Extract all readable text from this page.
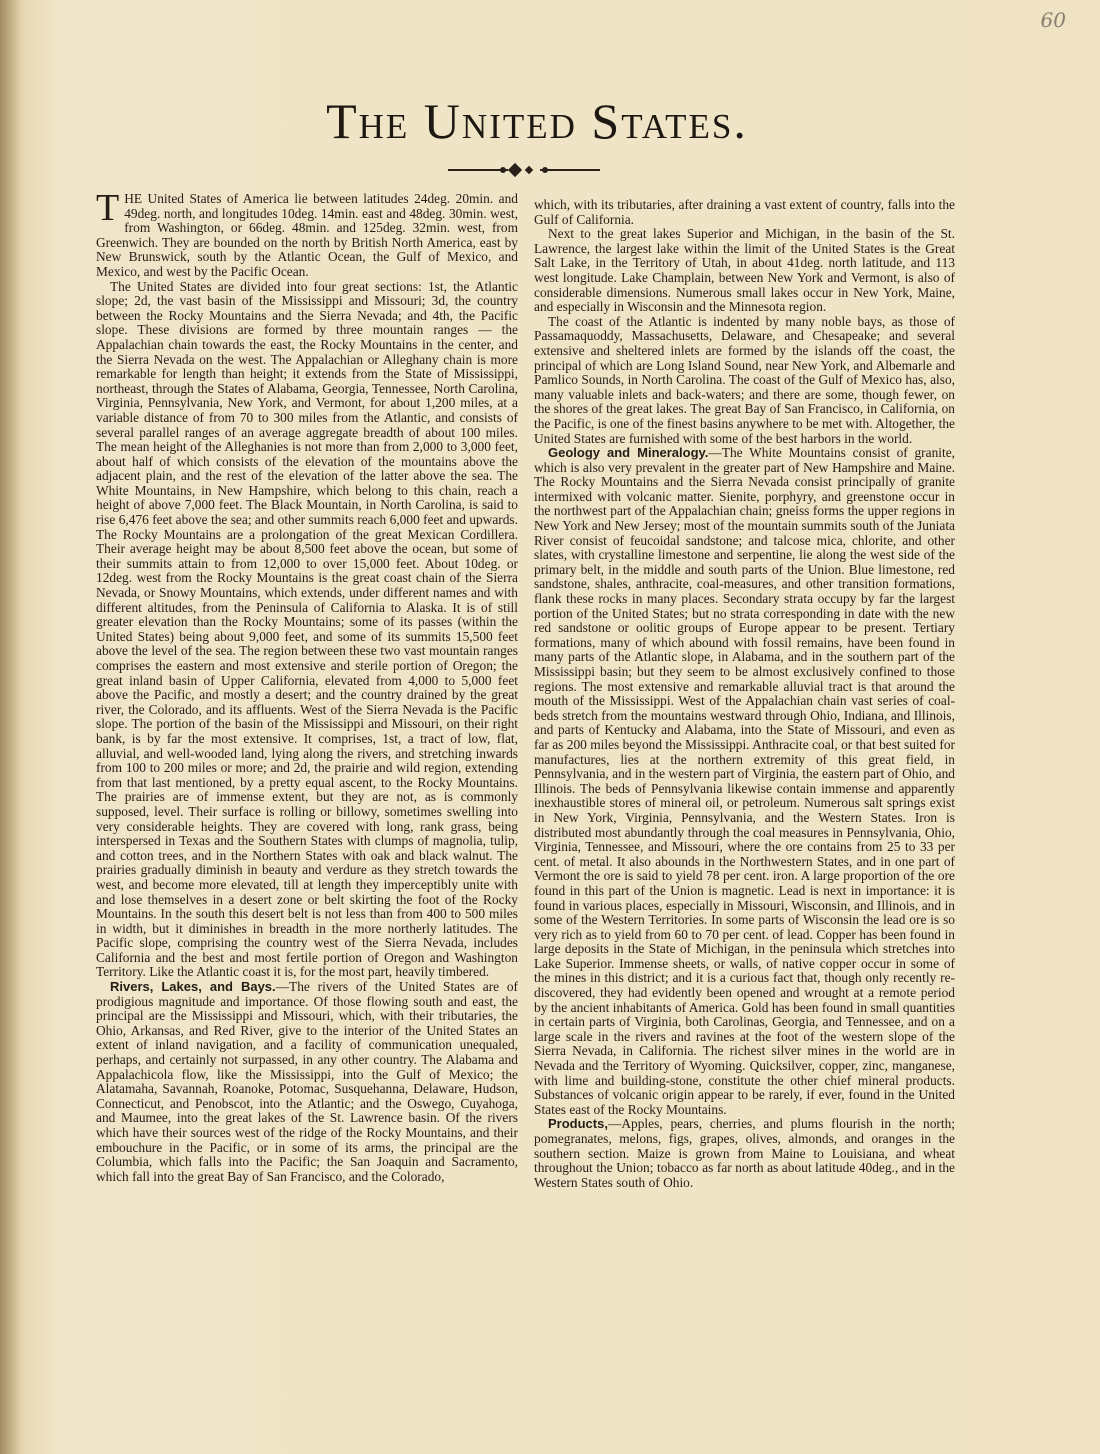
60
The United States.

THE United States of America lie between latitudes 24deg. 20min. and 49deg. north, and longitudes 10deg. 14min. east and 48deg. 30min. west, from Washington, or 66deg. 48min. and 125deg. 32min. west, from Greenwich. They are bounded on the north by British North America, east by New Brunswick, south by the Atlantic Ocean, the Gulf of Mexico, and Mexico, and west by the Pacific Ocean.

The United States are divided into four great sections: 1st, the Atlantic slope; 2d, the vast basin of the Mississippi and Missouri; 3d, the country between the Rocky Mountains and the Sierra Nevada; and 4th, the Pacific slope. These divisions are formed by three mountain ranges — the Appalachian chain towards the east, the Rocky Mountains in the center, and the Sierra Nevada on the west. The Appalachian or Alleghany chain is more remarkable for length than height; it extends from the State of Mississippi, northeast, through the States of Alabama, Georgia, Tennessee, North Carolina, Virginia, Pennsylvania, New York, and Vermont, for about 1,200 miles, at a variable distance of from 70 to 300 miles from the Atlantic, and consists of several parallel ranges of an average aggregate breadth of about 100 miles. The mean height of the Alleghanies is not more than from 2,000 to 3,000 feet, about half of which consists of the elevation of the mountains above the adjacent plain, and the rest of the elevation of the latter above the sea. The White Mountains, in New Hampshire, which belong to this chain, reach a height of above 7,000 feet. The Black Mountain, in North Carolina, is said to rise 6,476 feet above the sea; and other summits reach 6,000 feet and upwards. The Rocky Mountains are a prolongation of the great Mexican Cordillera. Their average height may be about 8,500 feet above the ocean, but some of their summits attain to from 12,000 to over 15,000 feet. About 10deg. or 12deg. west from the Rocky Mountains is the great coast chain of the Sierra Nevada, or Snowy Mountains, which extends, under different names and with different altitudes, from the Peninsula of California to Alaska. It is of still greater elevation than the Rocky Mountains; some of its passes (within the United States) being about 9,000 feet, and some of its summits 15,500 feet above the level of the sea. The region between these two vast mountain ranges comprises the eastern and most extensive and sterile portion of Oregon; the great inland basin of Upper California, elevated from 4,000 to 5,000 feet above the Pacific, and mostly a desert; and the country drained by the great river, the Colorado, and its affluents. West of the Sierra Nevada is the Pacific slope. The portion of the basin of the Mississippi and Missouri, on their right bank, is by far the most extensive. It comprises, 1st, a tract of low, flat, alluvial, and well-wooded land, lying along the rivers, and stretching inwards from 100 to 200 miles or more; and 2d, the prairie and wild region, extending from that last mentioned, by a pretty equal ascent, to the Rocky Mountains. The prairies are of immense extent, but they are not, as is commonly supposed, level. Their surface is rolling or billowy, sometimes swelling into very considerable heights. They are covered with long, rank grass, being interspersed in Texas and the Southern States with clumps of magnolia, tulip, and cotton trees, and in the Northern States with oak and black walnut. The prairies gradually diminish in beauty and verdure as they stretch towards the west, and become more elevated, till at length they imperceptibly unite with and lose themselves in a desert zone or belt skirting the foot of the Rocky Mountains. In the south this desert belt is not less than from 400 to 500 miles in width, but it diminishes in breadth in the more northerly latitudes. The Pacific slope, comprising the country west of the Sierra Nevada, includes California and the best and most fertile portion of Oregon and Washington Territory. Like the Atlantic coast it is, for the most part, heavily timbered.

Rivers, Lakes, and Bays.—The rivers of the United States are of prodigious magnitude and importance. Of those flowing south and east, the principal are the Mississippi and Missouri, which, with their tributaries, the Ohio, Arkansas, and Red River, give to the interior of the United States an extent of inland navigation, and a facility of communication unequaled, perhaps, and certainly not surpassed, in any other country. The Alabama and Appalachicola flow, like the Mississippi, into the Gulf of Mexico; the Alatamaha, Savannah, Roanoke, Potomac, Susquehanna, Delaware, Hudson, Connecticut, and Penobscot, into the Atlantic; and the Oswego, Cuyahoga, and Maumee, into the great lakes of the St. Lawrence basin. Of the rivers which have their sources west of the ridge of the Rocky Mountains, and their embouchure in the Pacific, or in some of its arms, the principal are the Columbia, which falls into the Pacific; the San Joaquin and Sacramento, which fall into the great Bay of San Francisco, and the Colorado,

which, with its tributaries, after draining a vast extent of country, falls into the Gulf of California.

Next to the great lakes Superior and Michigan, in the basin of the St. Lawrence, the largest lake within the limit of the United States is the Great Salt Lake, in the Territory of Utah, in about 41deg. north latitude, and 113 west longitude. Lake Champlain, between New York and Vermont, is also of considerable dimensions. Numerous small lakes occur in New York, Maine, and especially in Wisconsin and the Minnesota region.

The coast of the Atlantic is indented by many noble bays, as those of Passamaquoddy, Massachusetts, Delaware, and Chesapeake; and several extensive and sheltered inlets are formed by the islands off the coast, the principal of which are Long Island Sound, near New York, and Albemarle and Pamlico Sounds, in North Carolina. The coast of the Gulf of Mexico has, also, many valuable inlets and back-waters; and there are some, though fewer, on the shores of the great lakes. The great Bay of San Francisco, in California, on the Pacific, is one of the finest basins anywhere to be met with. Altogether, the United States are furnished with some of the best harbors in the world.

Geology and Mineralogy.—The White Mountains consist of granite, which is also very prevalent in the greater part of New Hampshire and Maine. The Rocky Mountains and the Sierra Nevada consist principally of granite intermixed with volcanic matter. Sienite, porphyry, and greenstone occur in the northwest part of the Appalachian chain; gneiss forms the upper regions in New York and New Jersey; most of the mountain summits south of the Juniata River consist of feucoidal sandstone; and talcose mica, chlorite, and other slates, with crystalline limestone and serpentine, lie along the west side of the primary belt, in the middle and south parts of the Union. Blue limestone, red sandstone, shales, anthracite, coal-measures, and other transition formations, flank these rocks in many places. Secondary strata occupy by far the largest portion of the United States; but no strata corresponding in date with the new red sandstone or oolitic groups of Europe appear to be present. Tertiary formations, many of which abound with fossil remains, have been found in many parts of the Atlantic slope, in Alabama, and in the southern part of the Mississippi basin; but they seem to be almost exclusively confined to those regions. The most extensive and remarkable alluvial tract is that around the mouth of the Mississippi. West of the Appalachian chain vast series of coal-beds stretch from the mountains westward through Ohio, Indiana, and Illinois, and parts of Kentucky and Alabama, into the State of Missouri, and even as far as 200 miles beyond the Mississippi. Anthracite coal, or that best suited for manufactures, lies at the northern extremity of this great field, in Pennsylvania, and in the western part of Virginia, the eastern part of Ohio, and Illinois. The beds of Pennsylvania likewise contain immense and apparently inexhaustible stores of mineral oil, or petroleum. Numerous salt springs exist in New York, Virginia, Pennsylvania, and the Western States. Iron is distributed most abundantly through the coal measures in Pennsylvania, Ohio, Virginia, Tennessee, and Missouri, where the ore contains from 25 to 33 per cent. of metal. It also abounds in the Northwestern States, and in one part of Vermont the ore is said to yield 78 per cent. iron. A large proportion of the ore found in this part of the Union is magnetic. Lead is next in importance: it is found in various places, especially in Missouri, Wisconsin, and Illinois, and in some of the Western Territories. In some parts of Wisconsin the lead ore is so very rich as to yield from 60 to 70 per cent. of lead. Copper has been found in large deposits in the State of Michigan, in the peninsula which stretches into Lake Superior. Immense sheets, or walls, of native copper occur in some of the mines in this district; and it is a curious fact that, though only recently re-discovered, they had evidently been opened and wrought at a remote period by the ancient inhabitants of America. Gold has been found in small quantities in certain parts of Virginia, both Carolinas, Georgia, and Tennessee, and on a large scale in the rivers and ravines at the foot of the western slope of the Sierra Nevada, in California. The richest silver mines in the world are in Nevada and the Territory of Wyoming. Quicksilver, copper, zinc, manganese, with lime and building-stone, constitute the other chief mineral products. Substances of volcanic origin appear to be rarely, if ever, found in the United States east of the Rocky Mountains.

Products,—Apples, pears, cherries, and plums flourish in the north; pomegranates, melons, figs, grapes, olives, almonds, and oranges in the southern section. Maize is grown from Maine to Louisiana, and wheat throughout the Union; tobacco as far north as about latitude 40deg., and in the Western States south of Ohio.
